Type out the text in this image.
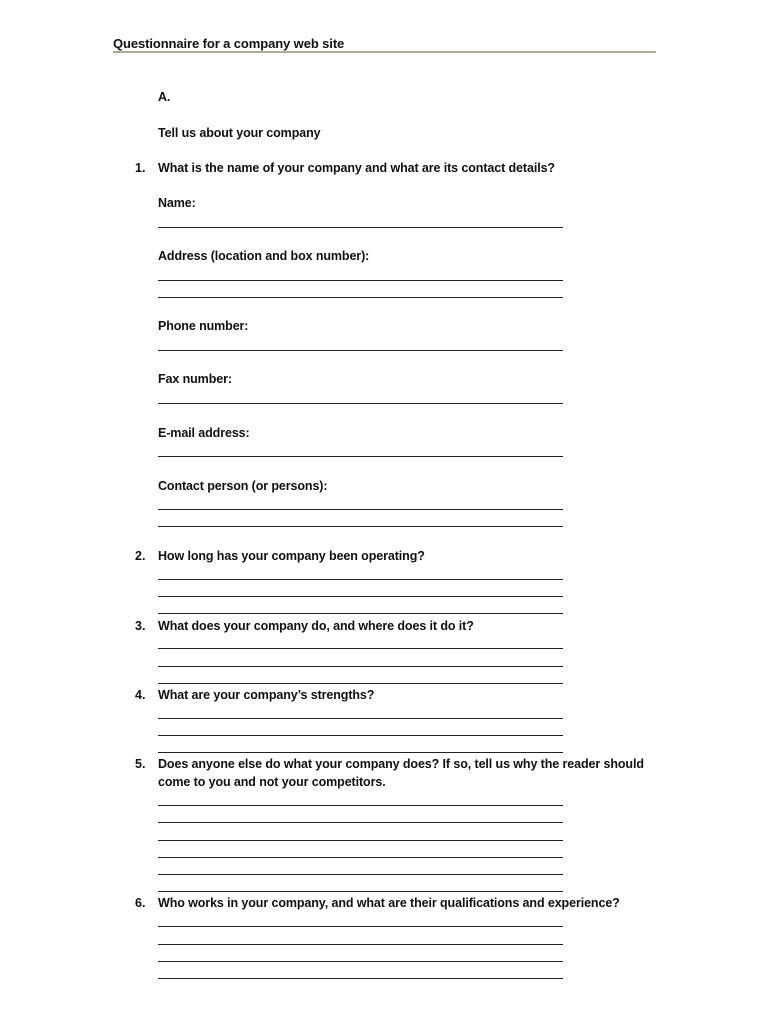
Questionnaire for a company web site
A.
Tell us about your company
1. What is the name of your company and what are its contact details?
Name:
Address (location and box number):
Phone number:
Fax number:
E-mail address:
Contact person (or persons):
2. How long has your company been operating?
3. What does your company do, and where does it do it?
4. What are your company’s strengths?
5. Does anyone else do what your company does? If so, tell us why the reader should
come to you and not your competitors.
6. Who works in your company, and what are their qualifications and experience?
